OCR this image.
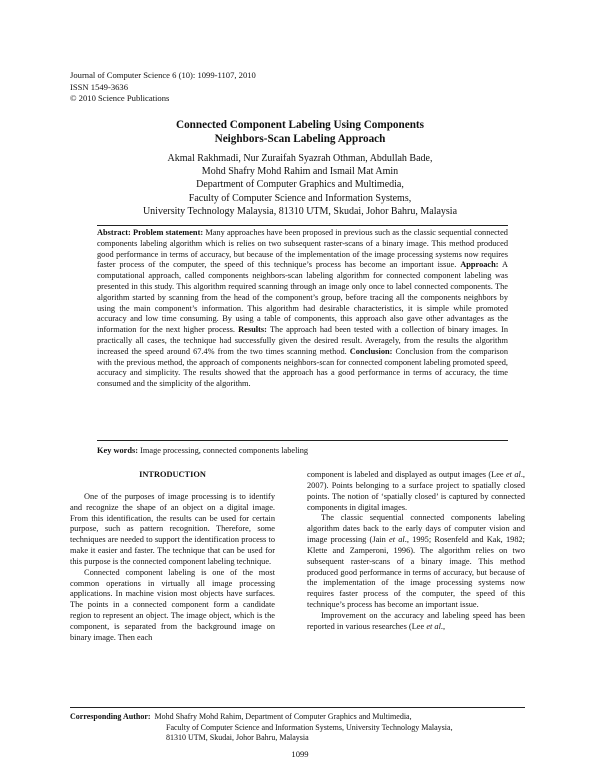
Journal of Computer Science 6 (10): 1099-1107, 2010
ISSN 1549-3636
© 2010 Science Publications
Connected Component Labeling Using Components
Neighbors-Scan Labeling Approach
Akmal Rakhmadi, Nur Zuraifah Syazrah Othman, Abdullah Bade,
Mohd Shafry Mohd Rahim and Ismail Mat Amin
Department of Computer Graphics and Multimedia,
Faculty of Computer Science and Information Systems,
University Technology Malaysia, 81310 UTM, Skudai, Johor Bahru, Malaysia
Abstract: Problem statement: Many approaches have been proposed in previous such as the classic sequential connected components labeling algorithm which is relies on two subsequent raster-scans of a binary image. This method produced good performance in terms of accuracy, but because of the implementation of the image processing systems now requires faster process of the computer, the speed of this technique’s process has become an important issue. Approach: A computational approach, called components neighbors-scan labeling algorithm for connected component labeling was presented in this study. This algorithm required scanning through an image only once to label connected components. The algorithm started by scanning from the head of the component’s group, before tracing all the components neighbors by using the main component’s information. This algorithm had desirable characteristics, it is simple while promoted accuracy and low time consuming. By using a table of components, this approach also gave other advantages as the information for the next higher process. Results: The approach had been tested with a collection of binary images. In practically all cases, the technique had successfully given the desired result. Averagely, from the results the algorithm increased the speed around 67.4% from the two times scanning method. Conclusion: Conclusion from the comparison with the previous method, the approach of components neighbors-scan for connected component labeling promoted speed, accuracy and simplicity. The results showed that the approach has a good performance in terms of accuracy, the time consumed and the simplicity of the algorithm.
Key words: Image processing, connected components labeling

INTRODUCTION

One of the purposes of image processing is to identify and recognize the shape of an object on a digital image. From this identification, the results can be used for certain purpose, such as pattern recognition. Therefore, some techniques are needed to support the identification process to make it easier and faster. The technique that can be used for this purpose is the connected component labeling technique.

Connected component labeling is one of the most common operations in virtually all image processing applications. In machine vision most objects have surfaces. The points in a connected component form a candidate region to represent an object. The image object, which is the component, is separated from the background image on binary image. Then each

component is labeled and displayed as output images (Lee et al., 2007). Points belonging to a surface project to spatially closed points. The notion of ‘spatially closed’ is captured by connected components in digital images.

The classic sequential connected components labeling algorithm dates back to the early days of computer vision and image processing (Jain et al., 1995; Rosenfeld and Kak, 1982; Klette and Zamperoni, 1996). The algorithm relies on two subsequent raster-scans of a binary image. This method produced good performance in terms of accuracy, but because of the implementation of the image processing systems now requires faster process of the computer, the speed of this technique’s process has become an important issue.

Improvement on the accuracy and labeling speed has been reported in various researches (Lee et al.,

Corresponding Author: Mohd Shafry Mohd Rahim, Department of Computer Graphics and Multimedia,
Faculty of Computer Science and Information Systems, University Technology Malaysia,
81310 UTM, Skudai, Johor Bahru, Malaysia
1099
